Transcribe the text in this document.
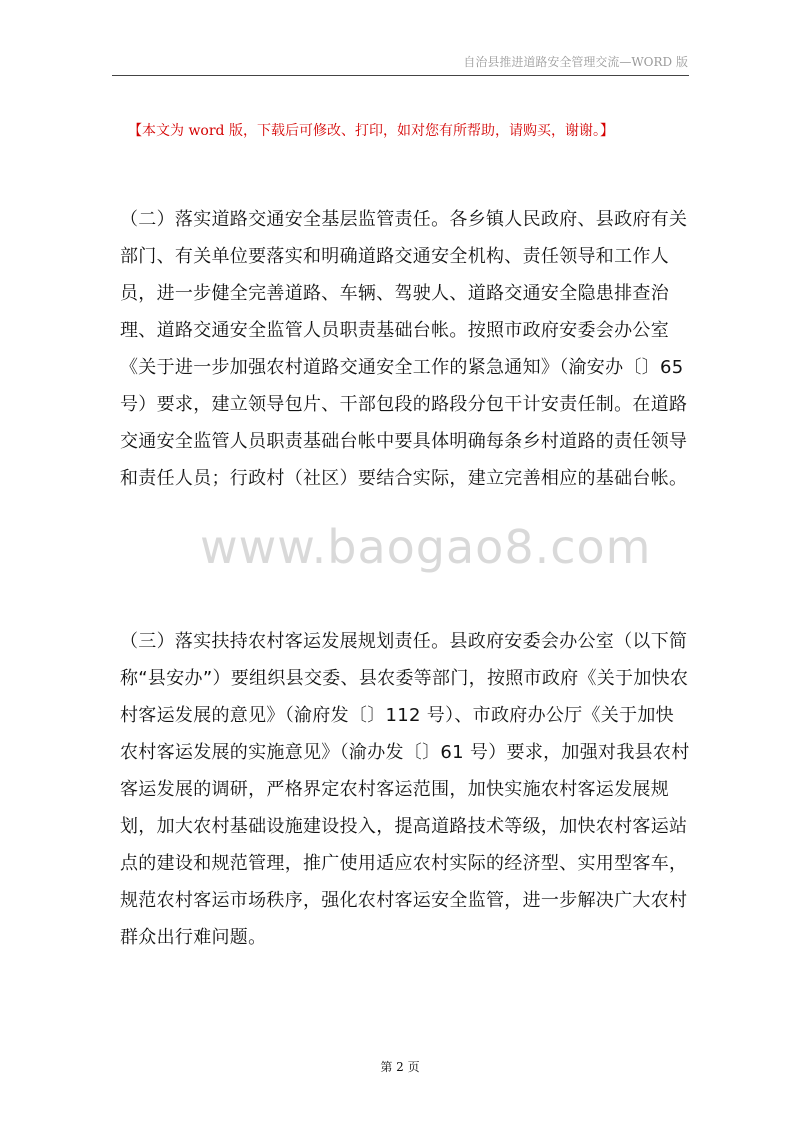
自治县推进道路安全管理交流—WORD 版
【本文为 word 版，下载后可修改、打印，如对您有所帮助，请购买，谢谢。】
www.baogao8.com

（二）落实道路交通安全基层监管责任。各乡镇人民政府、县政府有关部门、有关单位要落实和明确道路交通安全机构、责任领导和工作人员，进一步健全完善道路、车辆、驾驶人、道路交通安全隐患排查治理、道路交通安全监管人员职责基础台帐。按照市政府安委会办公室《关于进一步加强农村道路交通安全工作的紧急通知》（渝安办〔〕65 号）要求，建立领导包片、干部包段的路段分包干计安责任制。在道路交通安全监管人员职责基础台帐中要具体明确每条乡村道路的责任领导和责任人员；行政村（社区）要结合实际，建立完善相应的基础台帐。

（三）落实扶持农村客运发展规划责任。县政府安委会办公室（以下简称“县安办”）要组织县交委、县农委等部门，按照市政府《关于加快农村客运发展的意见》（渝府发〔〕112 号）、市政府办公厅《关于加快农村客运发展的实施意见》（渝办发〔〕61 号）要求，加强对我县农村客运发展的调研，严格界定农村客运范围，加快实施农村客运发展规划，加大农村基础设施建设投入，提高道路技术等级，加快农村客运站点的建设和规范管理，推广使用适应农村实际的经济型、实用型客车，规范农村客运市场秩序，强化农村客运安全监管，进一步解决广大农村群众出行难问题。

第 2 页
